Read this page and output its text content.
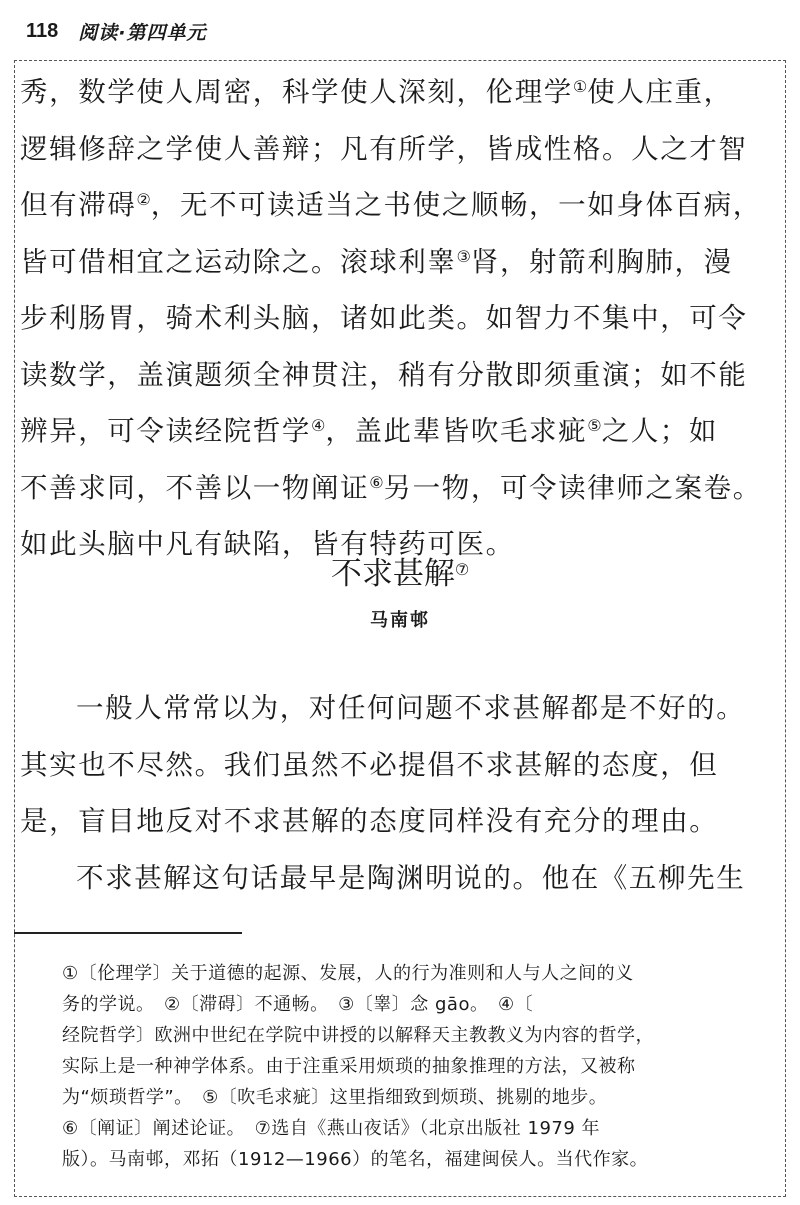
118 阅读·第四单元

秀，数学使人周密，科学使人深刻，伦理学①使人庄重，

逻辑修辞之学使人善辩；凡有所学，皆成性格。人之才智

但有滞碍②，无不可读适当之书使之顺畅，一如身体百病，

皆可借相宜之运动除之。滚球利睾③肾，射箭利胸肺，漫

步利肠胃，骑术利头脑，诸如此类。如智力不集中，可令

读数学，盖演题须全神贯注，稍有分散即须重演；如不能

辨异，可令读经院哲学④，盖此辈皆吹毛求疵⑤之人；如

不善求同，不善以一物阐证⑥另一物，可令读律师之案卷。

如此头脑中凡有缺陷，皆有特药可医。

不求甚解⑦
马南邨

一般人常常以为，对任何问题不求甚解都是不好的。

其实也不尽然。我们虽然不必提倡不求甚解的态度，但

是，盲目地反对不求甚解的态度同样没有充分的理由。

不求甚解这句话最早是陶渊明说的。他在《五柳先生

①〔伦理学〕关于道德的起源、发展，人的行为准则和人与人之间的义

务的学说。　②〔滞碍〕不通畅。　③〔睾〕念 gāo。　④〔

经院哲学〕欧洲中世纪在学院中讲授的以解释天主教教义为内容的哲学，

实际上是一种神学体系。由于注重采用烦琐的抽象推理的方法，又被称

为“烦琐哲学”。　⑤〔吹毛求疵〕这里指细致到烦琐、挑剔的地步。

⑥〔阐证〕阐述论证。　⑦选自《燕山夜话》（北京出版社 1979 年

版）。马南邨，邓拓（1912—1966）的笔名，福建闽侯人。当代作家。
